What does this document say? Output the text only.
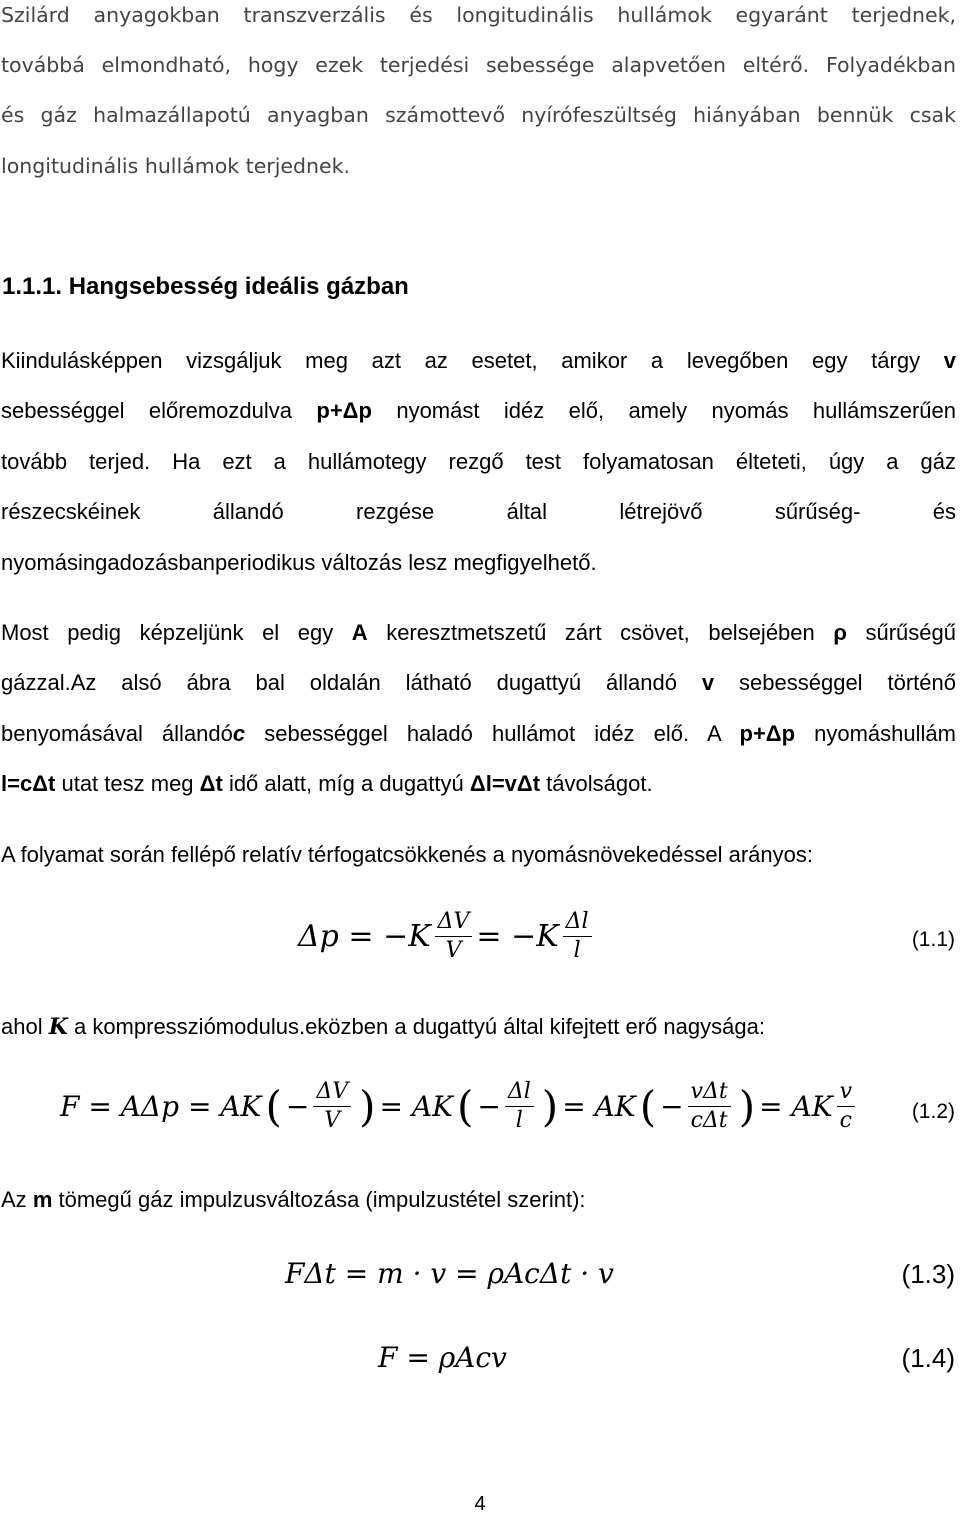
Szilárd anyagokban transzverzális és longitudinális hullámok egyaránt terjednek,
továbbá elmondható, hogy ezek terjedési sebessége alapvetően eltérő. Folyadékban
és gáz halmazállapotú anyagban számottevő nyírófeszültség hiányában bennük csak
longitudinális hullámok terjednek.
1.1.1. Hangsebesség ideális gázban
Kiindulásképpen vizsgáljuk meg azt az esetet, amikor a levegőben egy tárgy v
sebességgel előremozdulva p+Δp nyomást idéz elő, amely nyomás hullámszerűen
tovább terjed. Ha ezt a hullámotegy rezgő test folyamatosan élteteti, úgy a gáz
részecskéinek állandó rezgése által létrejövő sűrűség- és
nyomásingadozásbanperiodikus változás lesz megfigyelhető.
Most pedig képzeljünk el egy A keresztmetszetű zárt csövet, belsejében ρ sűrűségű
gázzal.Az alsó ábra bal oldalán látható dugattyú állandó v sebességgel történő
benyomásával állandóc sebességgel haladó hullámot idéz elő. A p+Δp nyomáshullám
l=cΔt utat tesz meg Δt idő alatt, míg a dugattyú Δl=vΔt távolságot.
A folyamat során fellépő relatív térfogatcsökkenés a nyomásnövekedéssel arányos:
$\Delta p = -K \frac{\Delta V}{V} = -K \frac{\Delta l}{l}$	(1.1)
ahol K a kompressziómodulus.eközben a dugattyú által kifejtett erő nagysága:
F = AΔp = AK ( − $\frac{\Delta V}{V}$ ) = AK ( − $\frac{\Delta l}{l}$ ) = AK ( − $\frac{\text{vΔt}}{\text{cΔt}}$ ) = AK $\frac{v}{c}$	(1.2)
Az m tömegű gáz impulzusváltozása (impulzustétel szerint):
FΔt = m · v = ρAcΔt · v	(1.3)
F = ρAcv	(1.4)
4
